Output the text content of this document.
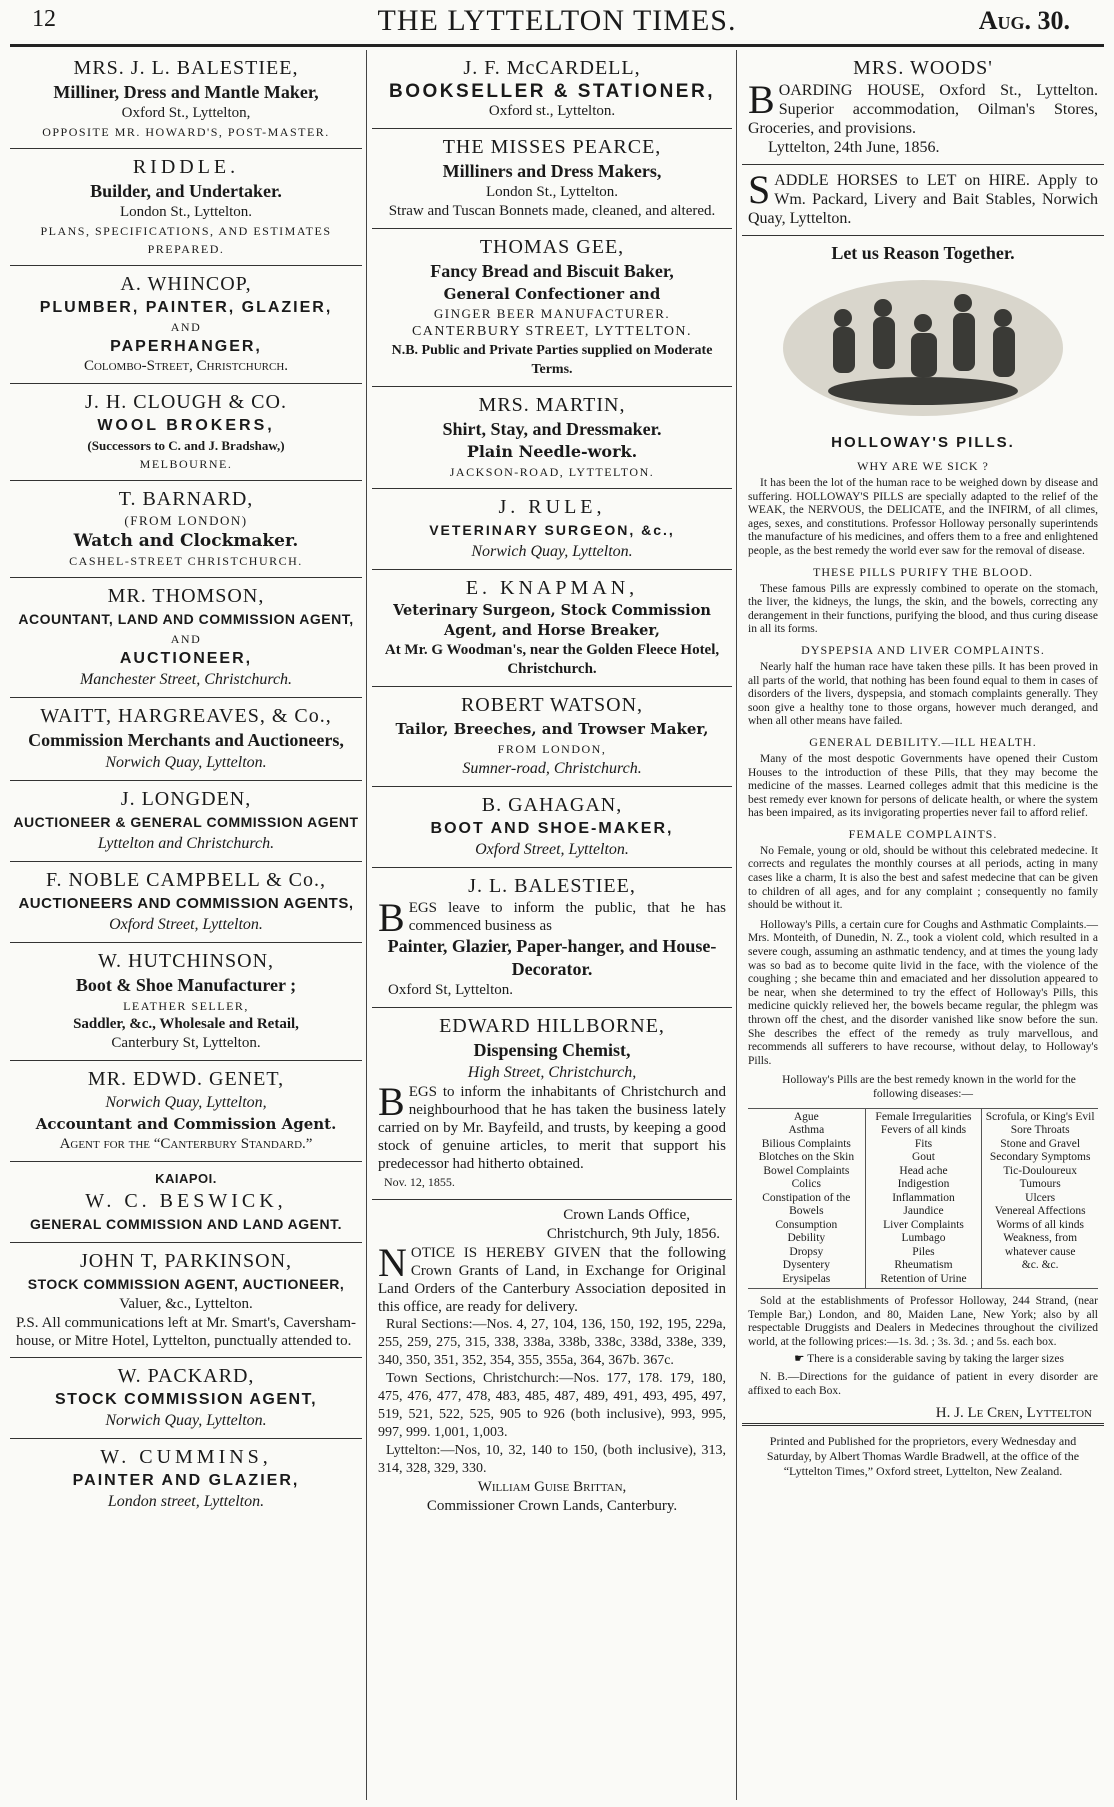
12	THE LYTTELTON TIMES.	Aug. 30.
MRS. J. L. BALESTIEE,
Milliner, Dress and Mantle Maker,
Oxford St., Lyttelton,
OPPOSITE MR. HOWARD'S, POST-MASTER.
RIDDLE.
Builder, and Undertaker.
London St., Lyttelton.
PLANS, SPECIFICATIONS, AND ESTIMATES PREPARED.
A. WHINCOP,
PLUMBER, PAINTER, GLAZIER,
AND
PAPERHANGER,
Colombo-Street, Christchurch.
J. H. CLOUGH & CO.
WOOL BROKERS,
(Successors to C. and J. Bradshaw,)
MELBOURNE.
T. BARNARD,
(FROM LONDON)
Watch and Clockmaker.
CASHEL-STREET CHRISTCHURCH.
MR. THOMSON,
ACOUNTANT, LAND AND COMMISSION AGENT,
AND
AUCTIONEER,
Manchester Street, Christchurch.
WAITT, HARGREAVES, & Co.,
Commission Merchants and Auctioneers,
Norwich Quay, Lyttelton.
J. LONGDEN,
AUCTIONEER & GENERAL COMMISSION AGENT
Lyttelton and Christchurch.
F. NOBLE CAMPBELL & Co.,
AUCTIONEERS AND COMMISSION AGENTS,
Oxford Street, Lyttelton.
W. HUTCHINSON,
Boot & Shoe Manufacturer ;
LEATHER SELLER,
Saddler, &c., Wholesale and Retail,
Canterbury St, Lyttelton.
MR. EDWD. GENET,
Norwich Quay, Lyttelton,
Accountant and Commission Agent.
Agent for the “Canterbury Standard.”
KAIAPOI.
W. C. BESWICK,
GENERAL COMMISSION AND LAND AGENT.
JOHN T, PARKINSON,
STOCK COMMISSION AGENT, AUCTIONEER,
Valuer, &c., Lyttelton.
P.S. All communications left at Mr. Smart's, Caversham-house, or Mitre Hotel, Lyttelton, punctually attended to.
W. PACKARD,
STOCK COMMISSION AGENT,
Norwich Quay, Lyttelton.
W. CUMMINS,
PAINTER AND GLAZIER,
London street, Lyttelton.
J. F. McCARDELL,
BOOKSELLER & STATIONER,
Oxford st., Lyttelton.
THE MISSES PEARCE,
Milliners and Dress Makers,
London St., Lyttelton.
Straw and Tuscan Bonnets made, cleaned, and altered.
THOMAS GEE,
Fancy Bread and Biscuit Baker,
General Confectioner and
GINGER BEER MANUFACTURER.
CANTERBURY STREET, LYTTELTON.
N.B. Public and Private Parties supplied on Moderate Terms.
MRS. MARTIN,
Shirt, Stay, and Dressmaker.
Plain Needle-work.
JACKSON-ROAD, LYTTELTON.
J. RULE,
VETERINARY SURGEON, &c.,
Norwich Quay, Lyttelton.
E. KNAPMAN,
Veterinary Surgeon, Stock Commission Agent, and Horse Breaker,
At Mr. G Woodman's, near the Golden Fleece Hotel, Christchurch.
ROBERT WATSON,
Tailor, Breeches, and Trowser Maker,
FROM LONDON,
Sumner-road, Christchurch.
B. GAHAGAN,
BOOT AND SHOE-MAKER,
Oxford Street, Lyttelton.
J. L. BALESTIEE,
BEGS leave to inform the public, that he has commenced business as
Painter, Glazier, Paper-hanger, and House-Decorator.
Oxford St, Lyttelton.
EDWARD HILLBORNE,
Dispensing Chemist,
High Street, Christchurch,
BEGS to inform the inhabitants of Christchurch and neighbourhood that he has taken the business lately carried on by Mr. Bayfeild, and trusts, by keeping a good stock of genuine articles, to merit that support his predecessor had hitherto obtained.
Nov. 12, 1855.
Crown Lands Office,
Christchurch, 9th July, 1856.
NOTICE IS HEREBY GIVEN that the following Crown Grants of Land, in Exchange for Original Land Orders of the Canterbury Association deposited in this office, are ready for delivery.
Rural Sections:—Nos. 4, 27, 104, 136, 150, 192, 195, 229a, 255, 259, 275, 315, 338, 338a, 338b, 338c, 338d, 338e, 339, 340, 350, 351, 352, 354, 355, 355a, 364, 367b. 367c.
Town Sections, Christchurch:—Nos. 177, 178. 179, 180, 475, 476, 477, 478, 483, 485, 487, 489, 491, 493, 495, 497, 519, 521, 522, 525, 905 to 926 (both inclusive), 993, 995, 997, 999. 1,001, 1,003.
Lyttelton:—Nos, 10, 32, 140 to 150, (both inclusive), 313, 314, 328, 329, 330.
William Guise Brittan,
Commissioner Crown Lands, Canterbury.
MRS. WOODS'
BOARDING HOUSE, Oxford St., Lyttelton. Superior accommodation, Oilman's Stores, Groceries, and provisions.
Lyttelton, 24th June, 1856.
SADDLE HORSES to LET on HIRE. Apply to Wm. Packard, Livery and Bait Stables, Norwich Quay, Lyttelton.
Let us Reason Together.
HOLLOWAY'S PILLS.
WHY ARE WE SICK ?
It has been the lot of the human race to be weighed down by disease and suffering. HOLLOWAY'S PILLS are specially adapted to the relief of the WEAK, the NERVOUS, the DELICATE, and the INFIRM, of all climes, ages, sexes, and constitutions. Professor Holloway personally superintends the manufacture of his medicines, and offers them to a free and enlightened people, as the best remedy the world ever saw for the removal of disease.
THESE PILLS PURIFY THE BLOOD.
These famous Pills are expressly combined to operate on the stomach, the liver, the kidneys, the lungs, the skin, and the bowels, correcting any derangement in their functions, purifying the blood, and thus curing disease in all its forms.
DYSPEPSIA AND LIVER COMPLAINTS.
Nearly half the human race have taken these pills. It has been proved in all parts of the world, that nothing has been found equal to them in cases of disorders of the livers, dyspepsia, and stomach complaints generally. They soon give a healthy tone to those organs, however much deranged, and when all other means have failed.
GENERAL DEBILITY.—ILL HEALTH.
Many of the most despotic Governments have opened their Custom Houses to the introduction of these Pills, that they may become the medicine of the masses. Learned colleges admit that this medicine is the best remedy ever known for persons of delicate health, or where the system has been impaired, as its invigorating properties never fail to afford relief.
FEMALE COMPLAINTS.
No Female, young or old, should be without this celebrated medecine. It corrects and regulates the monthly courses at all periods, acting in many cases like a charm, It is also the best and safest medecine that can be given to children of all ages, and for any complaint ; consequently no family should be without it.
Holloway's Pills, a certain cure for Coughs and Asthmatic Complaints.—Mrs. Monteith, of Dunedin, N. Z., took a violent cold, which resulted in a severe cough, assuming an asthmatic tendency, and at times the young lady was so bad as to become quite livid in the face, with the violence of the coughing ; she became thin and emaciated and her dissolution appeared to be near, when she determined to try the effect of Holloway's Pills, this medicine quickly relieved her, the bowels became regular, the phlegm was thrown off the chest, and the disorder vanished like snow before the sun. She describes the effect of the remedy as truly marvellous, and recommends all sufferers to have recourse, without delay, to Holloway's Pills.
Holloway's Pills are the best remedy known in the world for the following diseases:—
Ague
Asthma
Bilious Complaints
Blotches on the Skin
Bowel Complaints
Colics
Constipation of the Bowels
Consumption
Debility
Dropsy
Dysentery
Erysipelas
Female Irregularities
Fevers of all kinds
Fits
Gout
Head ache
Indigestion
Inflammation
Jaundice
Liver Complaints
Lumbago
Piles
Rheumatism
Retention of Urine
Scrofula, or King's Evil
Sore Throats
Stone and Gravel
Secondary Symptoms
Tic-Douloureux
Tumours
Ulcers
Venereal Affections
Worms of all kinds
Weakness, from whatever cause
&c. &c.
Sold at the establishments of Professor Holloway, 244 Strand, (near Temple Bar,) London, and 80, Maiden Lane, New York; also by all respectable Druggists and Dealers in Medecines throughout the civilized world, at the following prices:—1s. 3d. ; 3s. 3d. ; and 5s. each box.
☛ There is a considerable saving by taking the larger sizes
N. B.—Directions for the guidance of patient in every disorder are affixed to each Box.
H. J. Le Cren, Lyttelton
Printed and Published for the proprietors, every Wednesday and Saturday, by Albert Thomas Wardle Bradwell, at the office of the “Lyttelton Times,” Oxford street, Lyttelton, New Zealand.
